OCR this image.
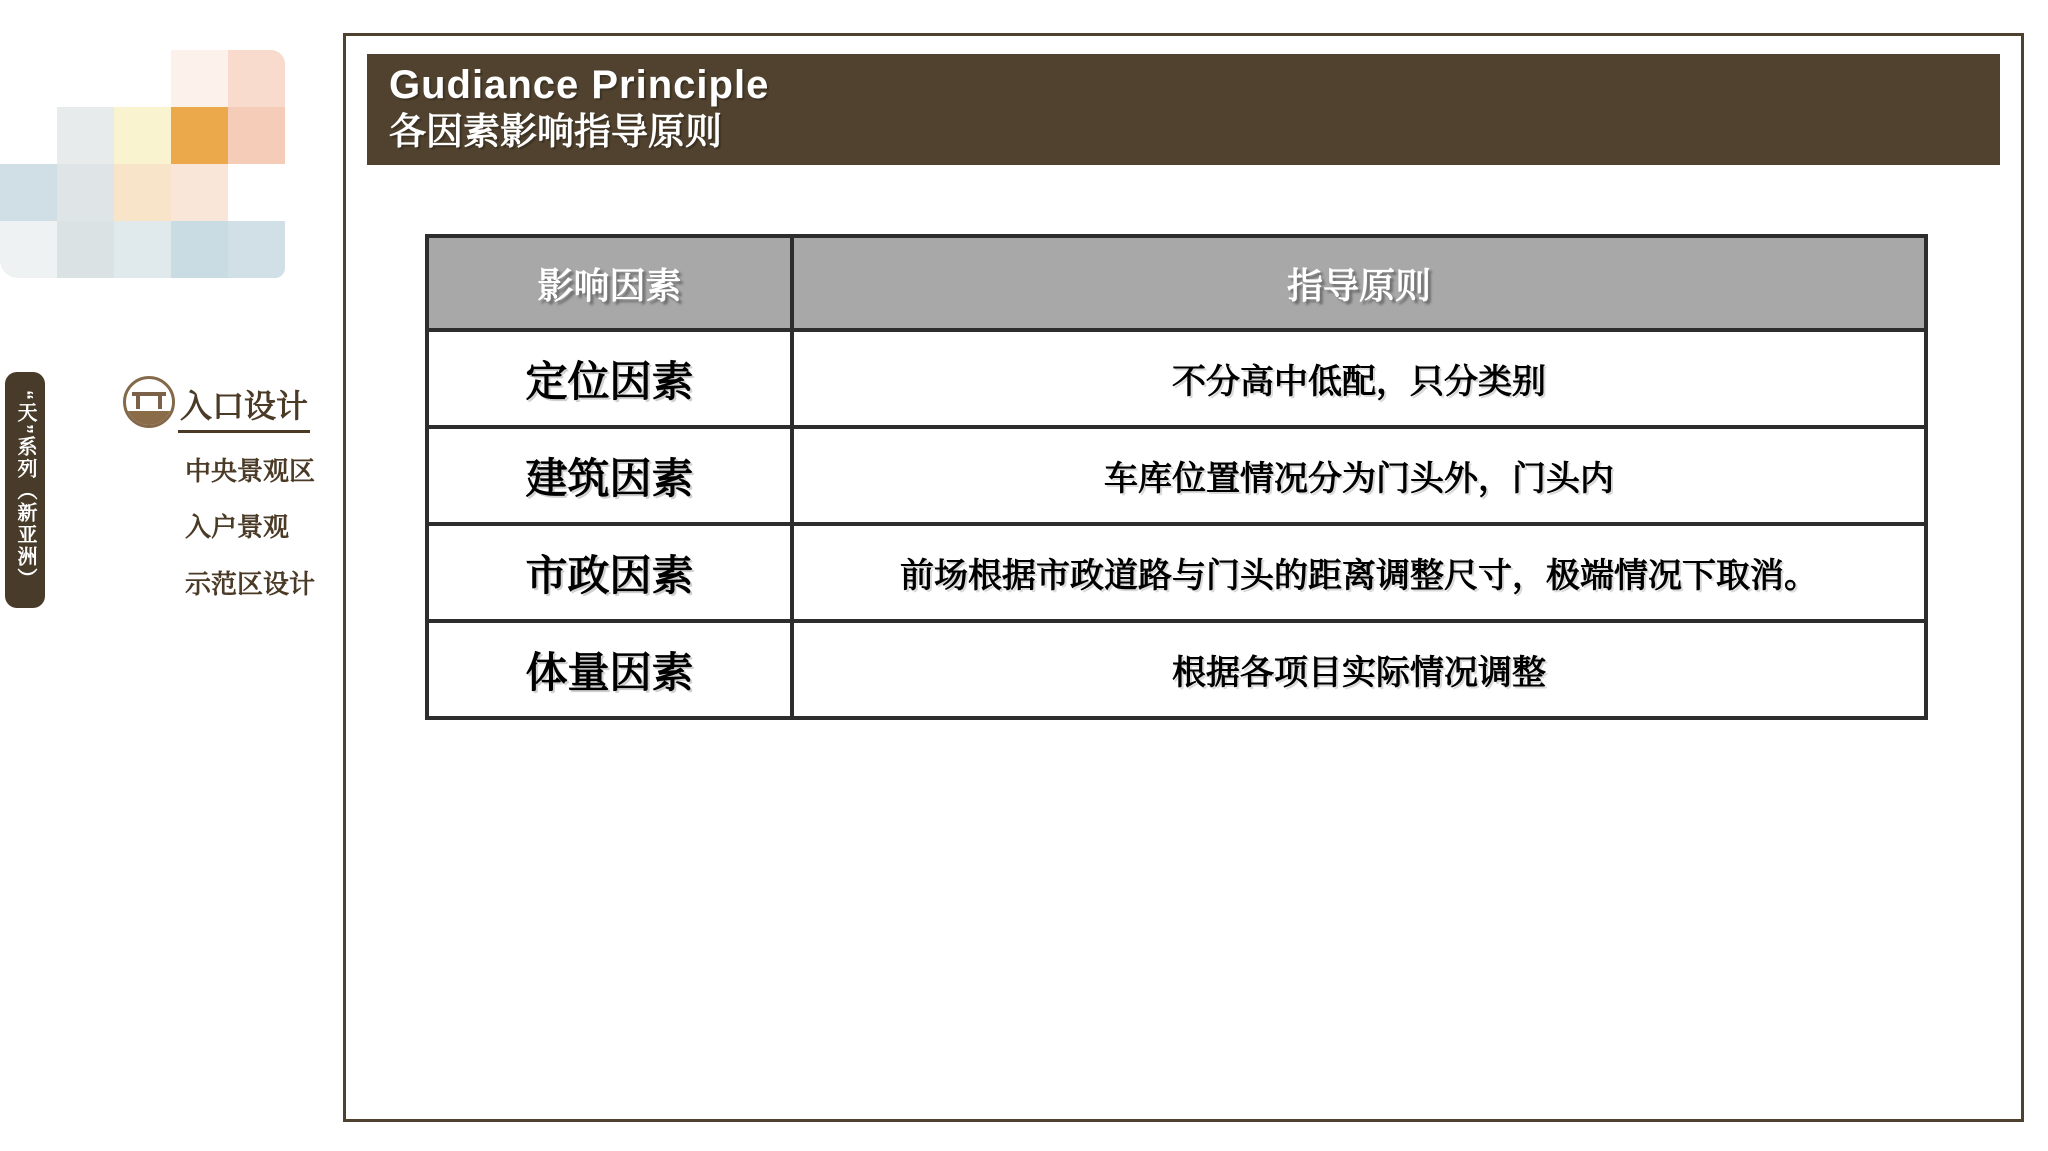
“天”系列（新亚洲）	入口设计
中央景观区
入户景观
示范区设计
Gudiance Principle
各因素影响指导原则
影响因素	指导原则
定位因素	不分高中低配，只分类别
建筑因素	车库位置情况分为门头外，门头内
市政因素	前场根据市政道路与门头的距离调整尺寸，极端情况下取消。
体量因素	根据各项目实际情况调整
